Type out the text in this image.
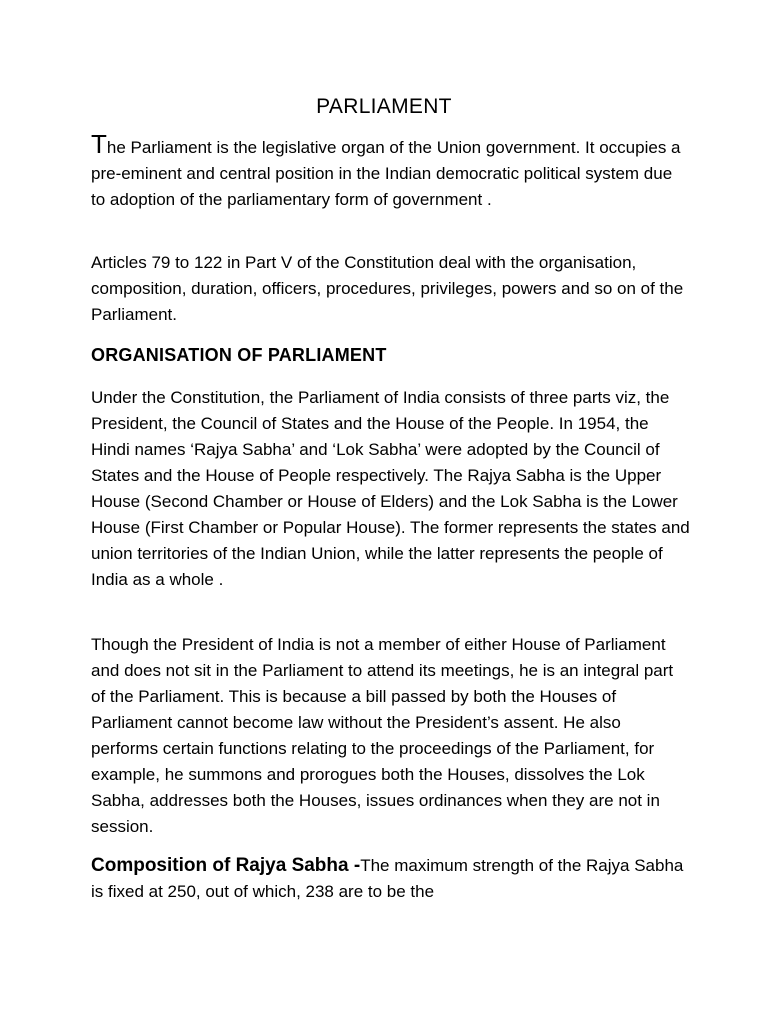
PARLIAMENT

The Parliament is the legislative organ of the Union government. It occupies a pre-eminent and central position in the Indian democratic political system due to adoption of the parliamentary form of government .

Articles 79 to 122 in Part V of the Constitution deal with the organisation, composition, duration, officers, procedures, privileges, powers and so on of the Parliament.

ORGANISATION OF PARLIAMENT

Under the Constitution, the Parliament of India consists of three parts viz, the President, the Council of States and the House of the People. In 1954, the Hindi names ‘Rajya Sabha’ and ‘Lok Sabha’ were adopted by the Council of States and the House of People respectively. The Rajya Sabha is the Upper House (Second Chamber or House of Elders) and the Lok Sabha is the Lower House (First Chamber or Popular House). The former represents the states and union territories of the Indian Union, while the latter represents the people of India as a whole .

Though the President of India is not a member of either House of Parliament and does not sit in the Parliament to attend its meetings, he is an integral part of the Parliament. This is because a bill passed by both the Houses of Parliament cannot become law without the President’s assent. He also performs certain functions relating to the proceedings of the Parliament, for example, he summons and prorogues both the Houses, dissolves the Lok Sabha, addresses both the Houses, issues ordinances when they are not in session.

Composition of Rajya Sabha -The maximum strength of the Rajya Sabha is fixed at 250, out of which, 238 are to be the
